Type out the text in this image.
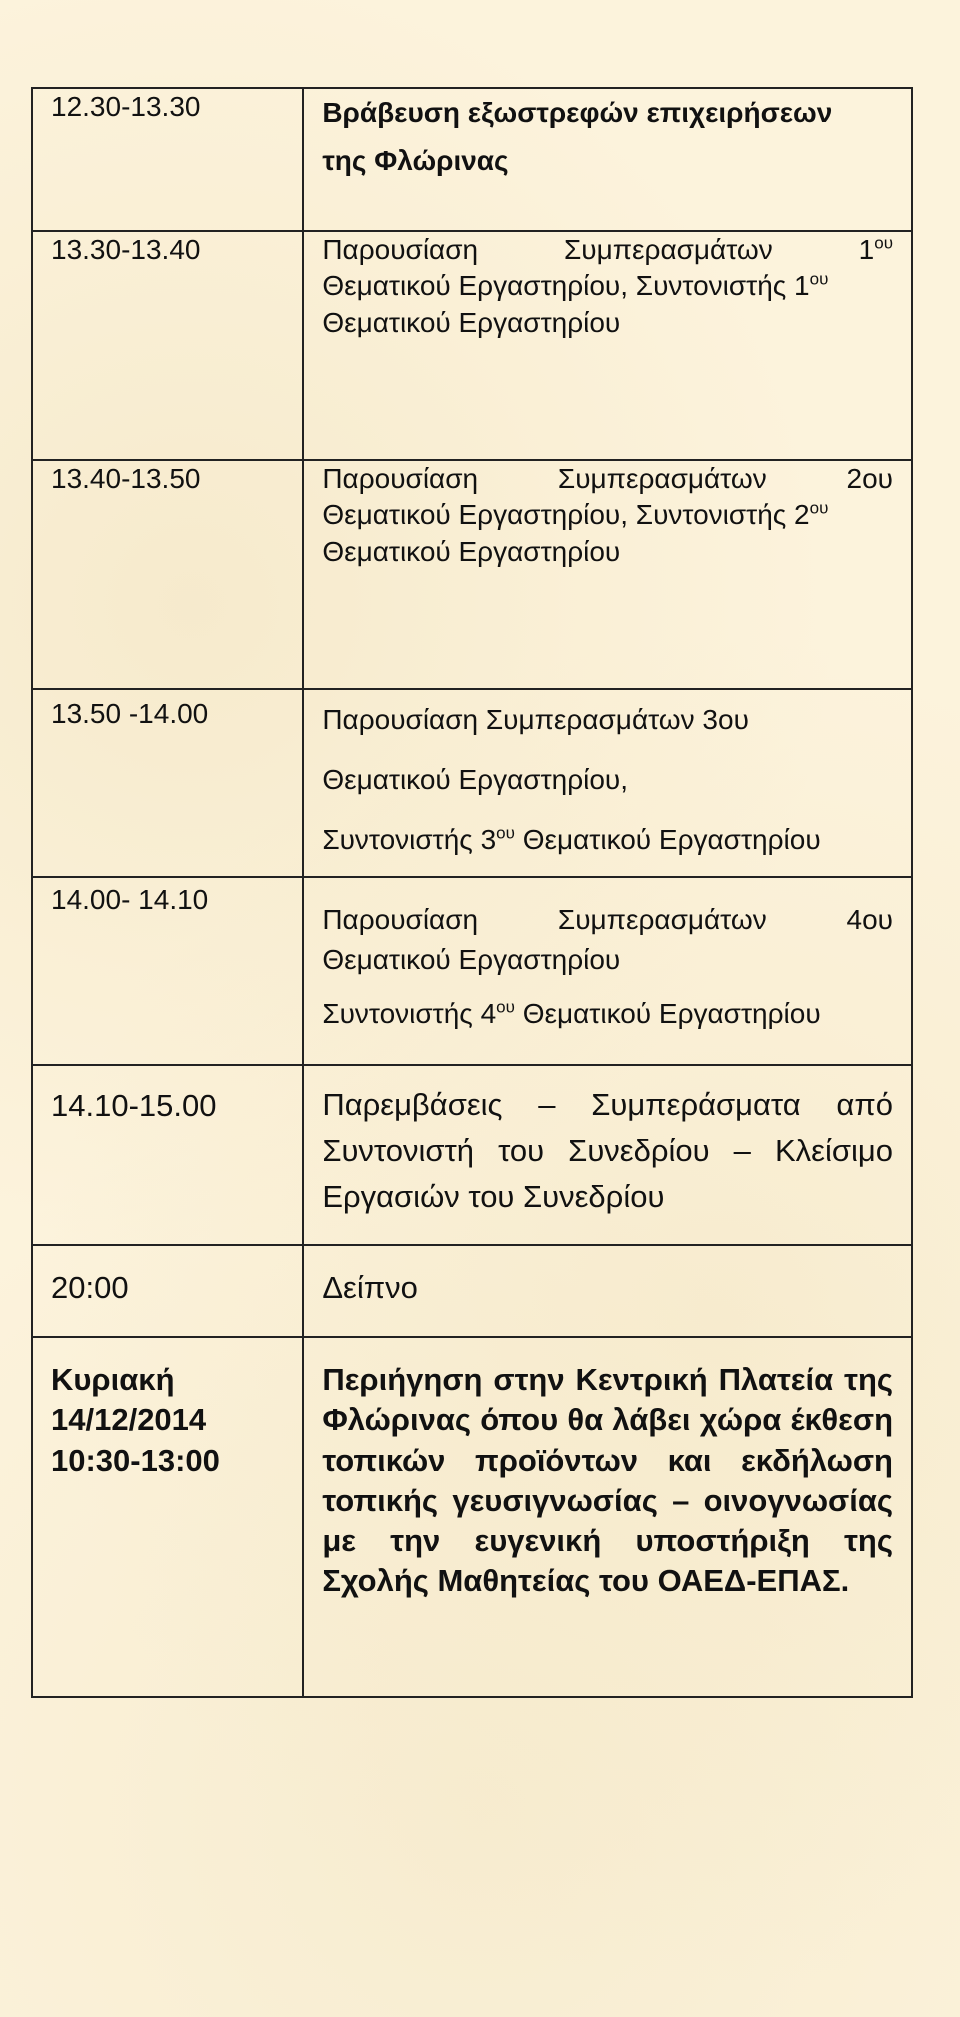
12.30-13.30	Βράβευση εξωστρεφών επιχειρήσεων
της Φλώρινας

13.30-13.40	Παρουσίαση Συμπερασμάτων $1^{o\upsilon}$
Θεματικού Εργαστηρίου, Συντονιστής $1^{o\upsilon}$
Θεματικού Εργαστηρίου

13.40-13.50	Παρουσίαση Συμπερασμάτων 2ου
Θεματικού Εργαστηρίου, Συντονιστής $2^{o\upsilon}$
Θεματικού Εργαστηρίου

13.50 -14.00	Παρουσίαση Συμπερασμάτων 3ου
Θεματικού Εργαστηρίου,
Συντονιστής $3^{o\upsilon}$ Θεματικού Εργαστηρίου

14.00- 14.10	Παρουσίαση Συμπερασμάτων 4ου
Θεματικού Εργαστηρίου
Συντονιστής $4^{o\upsilon}$ Θεματικού Εργαστηρίου

14.10-15.00	Παρεμβάσεις – Συμπεράσματα από Συντονιστή του Συνεδρίου – Κλείσιμο Εργασιών του Συνεδρίου
20:00	Δείπνο

Κυριακή
14/12/2014
10:30-13:00	Περιήγηση στην Κεντρική Πλατεία της Φλώρινας όπου θα λάβει χώρα έκθεση τοπικών προϊόντων και εκδήλωση τοπικής γευσιγνωσίας – οινογνωσίας με την ευγενική υποστήριξη της Σχολής Μαθητείας του ΟΑΕΔ-ΕΠΑΣ.
